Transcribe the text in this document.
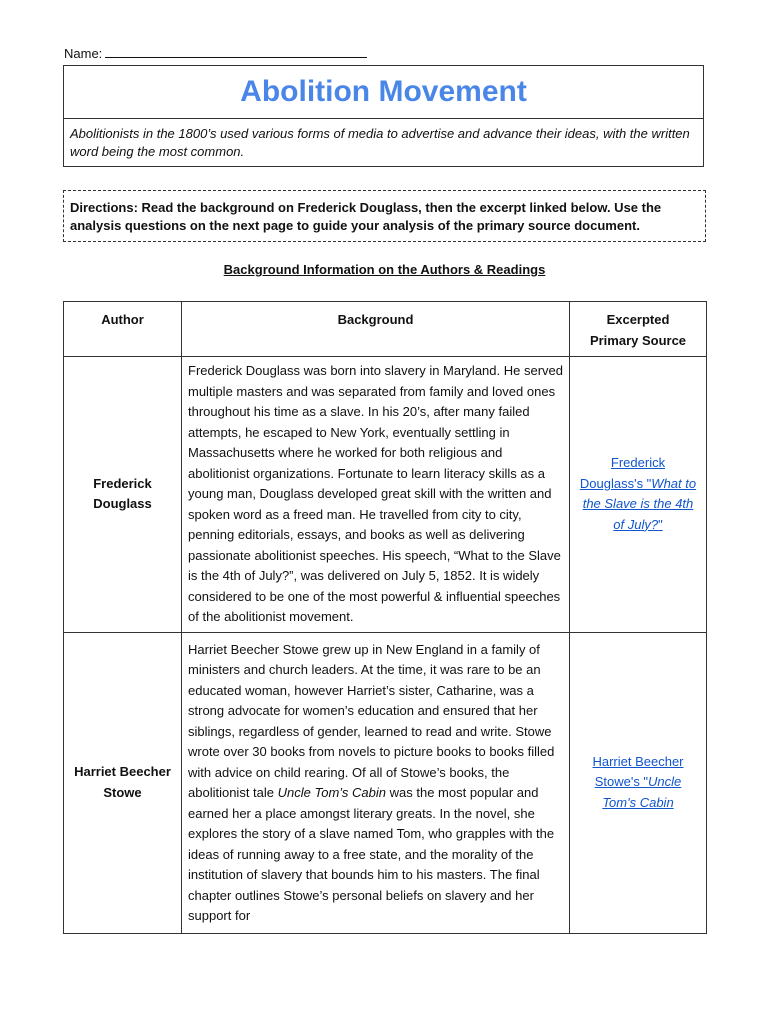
Name:
Abolition Movement
Abolitionists in the 1800’s used various forms of media to advertise and advance their ideas, with the written word being the most common.
Directions: Read the background on Frederick Douglass, then the excerpt linked below. Use the analysis questions on the next page to guide your analysis of the primary source document.
Background Information on the Authors & Readings
Author	Background	Excerpted
Primary Source

Frederick
Douglass	Frederick Douglass was born into slavery in Maryland. He served multiple masters and was separated from family and loved ones throughout his time as a slave. In his 20’s, after many failed attempts, he escaped to New York, eventually settling in Massachusetts where he worked for both religious and abolitionist organizations. Fortunate to learn literacy skills as a young man, Douglass developed great skill with the written and spoken word as a freed man. He travelled from city to city, penning editorials, essays, and books as well as delivering passionate abolitionist speeches. His speech, “What to the Slave is the 4th of July?”, was delivered on July 5, 1852. It is widely considered to be one of the most powerful & influential speeches of the abolitionist movement.	Frederick Douglass's "What to the Slave is the 4th of July?"

Harriet Beecher
Stowe	Harriet Beecher Stowe grew up in New England in a family of ministers and church leaders. At the time, it was rare to be an educated woman, however Harriet’s sister, Catharine, was a strong advocate for women’s education and ensured that her siblings, regardless of gender, learned to read and write. Stowe wrote over 30 books from novels to picture books to books filled with advice on child rearing. Of all of Stowe’s books, the abolitionist tale Uncle Tom’s Cabin was the most popular and earned her a place amongst literary greats. In the novel, she explores the story of a slave named Tom, who grapples with the ideas of running away to a free state, and the morality of the institution of slavery that bounds him to his masters. The final chapter outlines Stowe’s personal beliefs on slavery and her support for	Harriet Beecher Stowe's "Uncle Tom's Cabin
